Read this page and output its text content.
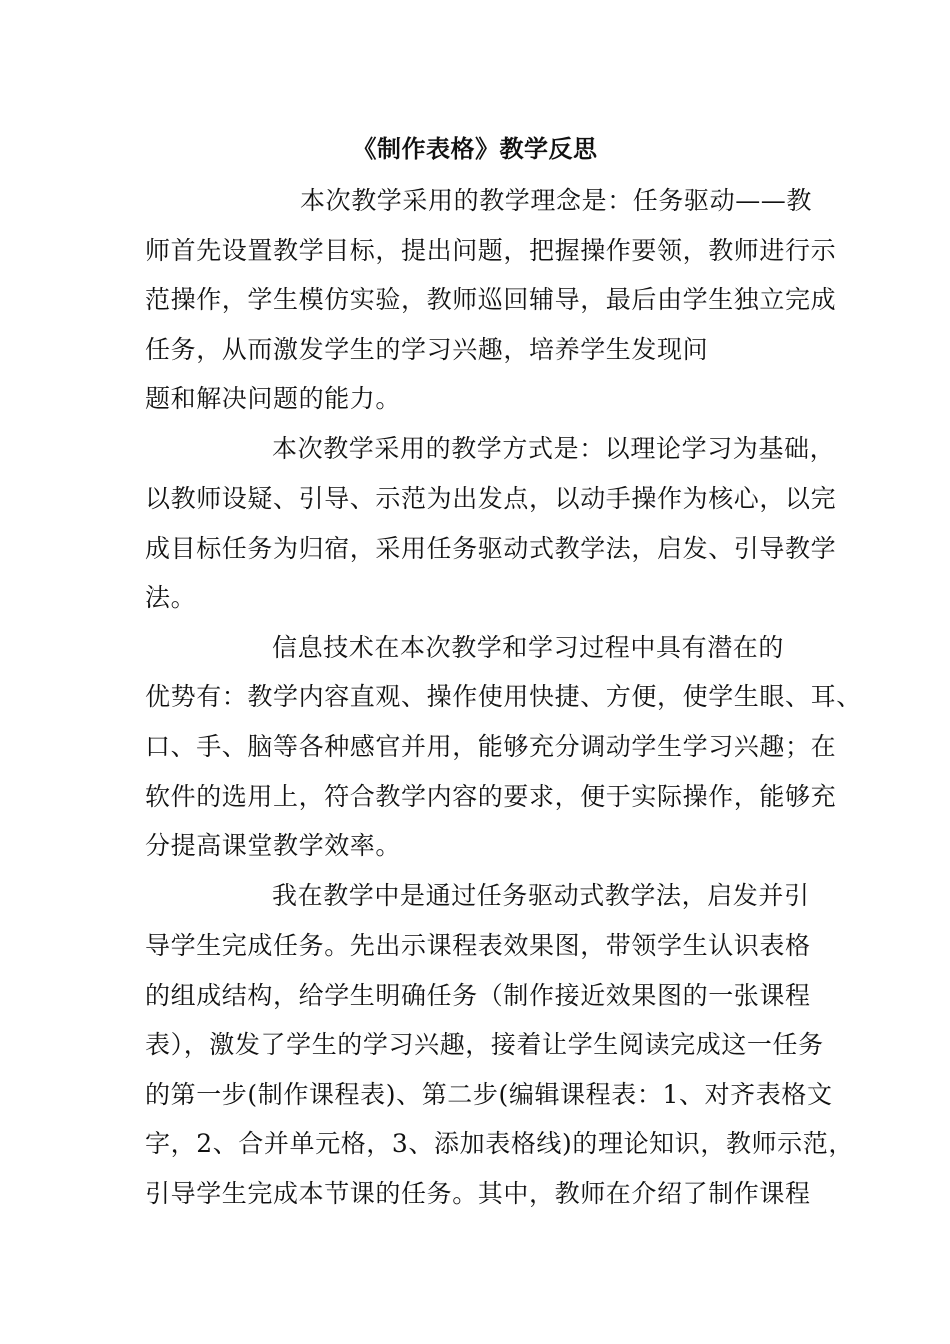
《制作表格》教学反思
本次教学采用的教学理念是：任务驱动——教
师首先设置教学目标，提出问题，把握操作要领，教师进行示
范操作，学生模仿实验，教师巡回辅导，最后由学生独立完成
任务，从而激发学生的学习兴趣，培养学生发现问
题和解决问题的能力。
本次教学采用的教学方式是：以理论学习为基础，
以教师设疑、引导、示范为出发点，以动手操作为核心，以完
成目标任务为归宿，采用任务驱动式教学法，启发、引导教学
法。
信息技术在本次教学和学习过程中具有潜在的
优势有：教学内容直观、操作使用快捷、方便，使学生眼、耳、
口、手、脑等各种感官并用，能够充分调动学生学习兴趣；在
软件的选用上，符合教学内容的要求，便于实际操作，能够充
分提高课堂教学效率。
我在教学中是通过任务驱动式教学法，启发并引
导学生完成任务。先出示课程表效果图，带领学生认识表格
的组成结构，给学生明确任务（制作接近效果图的一张课程
表），激发了学生的学习兴趣，接着让学生阅读完成这一任务
的第一步(制作课程表)、第二步(编辑课程表：1、对齐表格文
字，2、合并单元格，3、添加表格线)的理论知识，教师示范，
引导学生完成本节课的任务。其中，教师在介绍了制作课程
